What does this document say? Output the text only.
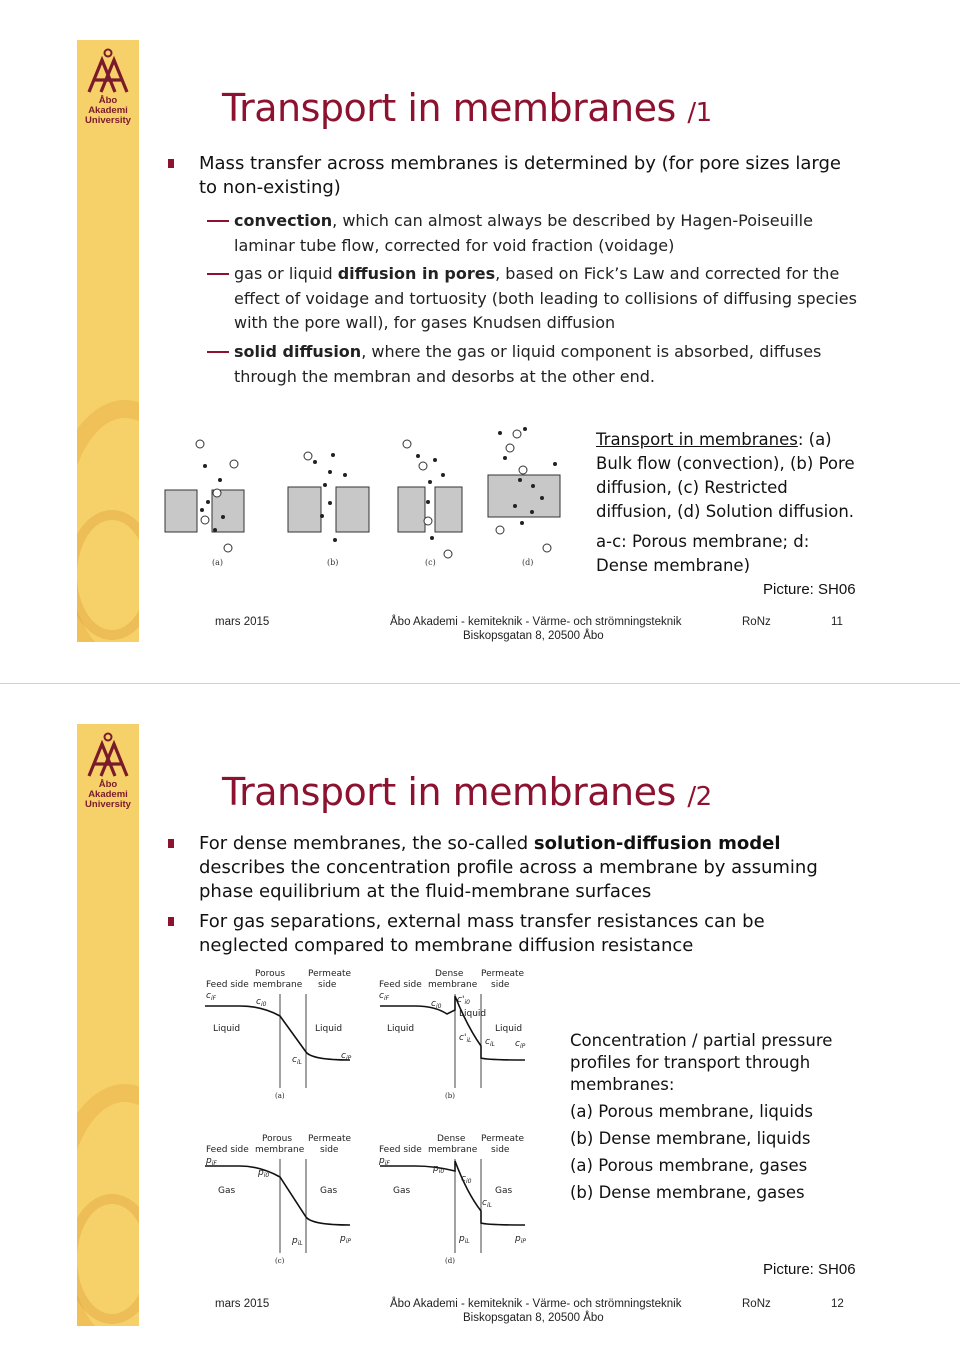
Åbo Akademi
University Transport in membranes /1
Mass transfer across membranes is determined by (for pore sizes large to non-existing)
convection, which can almost always be described by Hagen-Poiseuille laminar tube flow, corrected for void fraction (voidage)
gas or liquid diffusion in pores, based on Fick’s Law and corrected for the effect of voidage and tortuosity (both leading to collisions of diffusing species with the pore wall), for gases Knudsen diffusion
solid diffusion, where the gas or liquid component is absorbed, diffuses through the membran and desorbs at the other end.
(a)	(b)	(c)	(d)
Transport in membranes: (a) Bulk flow (convection), (b) Pore diffusion, (c) Restricted diffusion, (d) Solution diffusion.
a-c: Porous membrane; d: Dense membrane)
Picture: SH06
mars 2015	Åbo Akademi - kemiteknik - Värme- och strömningsteknik
Biskopsgatan 8, 20500 Åbo
RoNz	11
Åbo Akademi
University Transport in membranes /2
For dense membranes, the so-called solution-diffusion model describes the concentration profile across a membrane by assuming phase equilibrium at the fluid-membrane surfaces
For gas separations, external mass transfer resistances can be neglected compared to membrane diffusion resistance
Feed side
Porous
membrane
Permeate
side
Liquid	Liquid
$c_{iF}$	$c_{i0}$
$c_{iL}$
$c_{iP}$
(a)
Feed side
Dense
membrane
Permeate
side
Liquid	Liquid
Liquid
$c_{iF}$
$c_{i0}$
$c'_{i0}$
$c'_{iL}$ $c_{iL}$ $c_{iP}$
(b)
Feed side
Porous
membrane
Permeate
side
Gas	Gas
$p_{iF}$
$p_{i0}$
$p_{iL}$	$p_{iP}$
(c)
Feed side
Dense
membrane
Permeate
side
Gas	Gas
$p_{iF}$
$p_{i0}$
$c_{i0}$
$p_{iL}$
$c_{iL}$
$p_{iP}$
(d)
Concentration / partial pressure profiles for transport through membranes:
(a) Porous membrane, liquids
(b) Dense membrane, liquids
(a) Porous membrane, gases
(b) Dense membrane, gases
Picture: SH06
mars 2015	Åbo Akademi - kemiteknik - Värme- och strömningsteknik
Biskopsgatan 8, 20500 Åbo
RoNz	12
